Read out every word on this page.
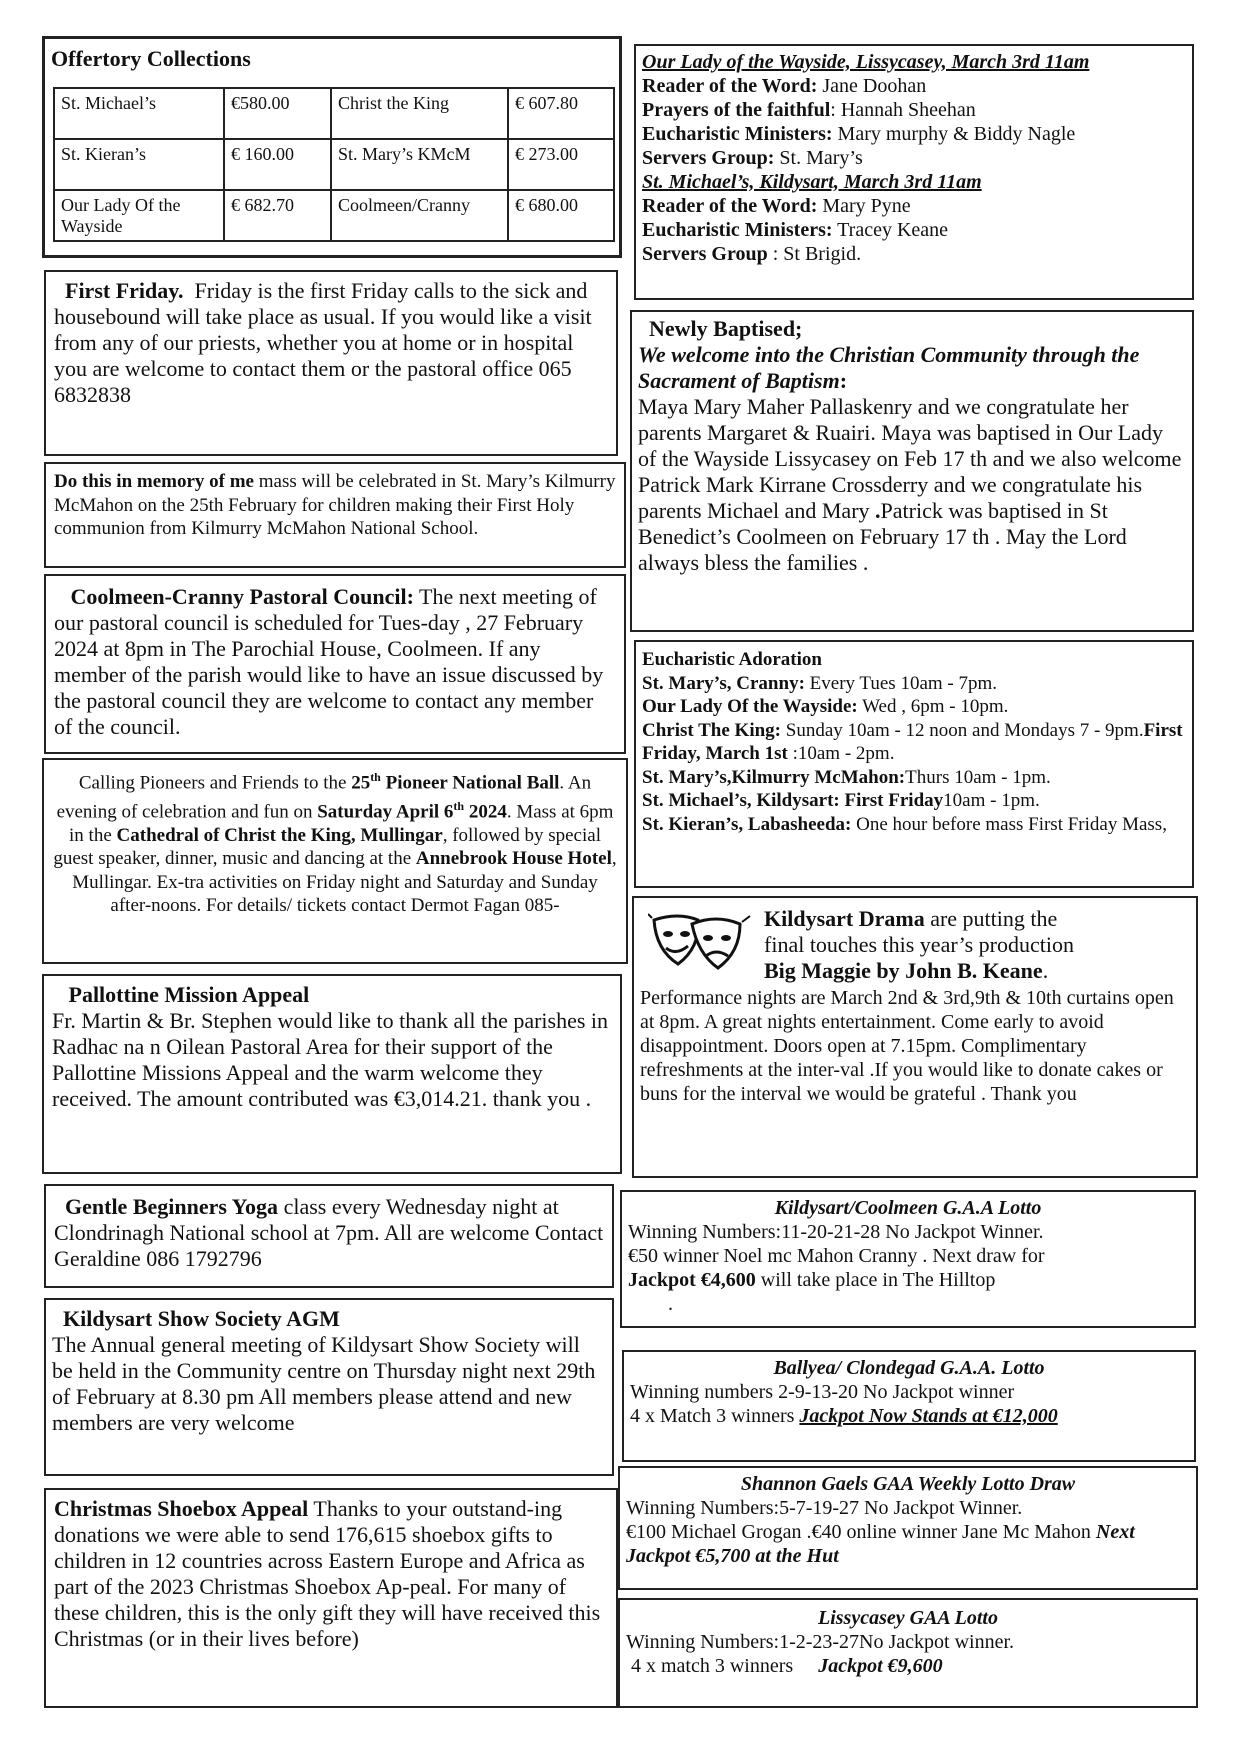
Offertory Collections

St. Michael’s	€580.00	Christ the King	€ 607.80
St. Kieran’s	€ 160.00	St. Mary’s KMcM	€ 273.00
Our Lady Of the Wayside	€ 682.70	Coolmeen/Cranny	€ 680.00

First Friday. Friday is the first Friday calls to the sick and housebound will take place as usual. If you would like a visit from any of our priests, whether you at home or in hospital you are welcome to contact them or the pastoral office 065 6832838

Do this in memory of me mass will be celebrated in St. Mary’s Kilmurry McMahon on the 25th February for children making their First Holy communion from Kilmurry McMahon National School.

Coolmeen-Cranny Pastoral Council: The next meeting of our pastoral council is scheduled for Tues-day , 27 February 2024 at 8pm in The Parochial House, Coolmeen. If any member of the parish would like to have an issue discussed by the pastoral council they are welcome to contact any member of the council.

Calling Pioneers and Friends to the 25th Pioneer National Ball. An evening of celebration and fun on Saturday April 6th 2024. Mass at 6pm in the Cathedral of Christ the King, Mullingar, followed by special guest speaker, dinner, music and dancing at the Annebrook House Hotel, Mullingar. Ex-tra activities on Friday night and Saturday and Sunday after-noons. For details/ tickets contact Dermot Fagan 085-

Pallottine Mission Appeal

Fr. Martin & Br. Stephen would like to thank all the parishes in Radhac na n Oilean Pastoral Area for their support of the Pallottine Missions Appeal and the warm welcome they received. The amount contributed was €3,014.21. thank you .

Gentle Beginners Yoga class every Wednesday night at Clondrinagh National school at 7pm. All are welcome Contact Geraldine 086 1792796

Kildysart Show Society AGM

The Annual general meeting of Kildysart Show Society will be held in the Community centre on Thursday night next 29th of February at 8.30 pm All members please attend and new members are very welcome

Christmas Shoebox Appeal Thanks to your outstand-ing donations we were able to send 176,615 shoebox gifts to children in 12 countries across Eastern Europe and Africa as part of the 2023 Christmas Shoebox Ap-peal. For many of these children, this is the only gift they will have received this Christmas (or in their lives before)

Our Lady of the Wayside, Lissycasey, March 3rd 11am

Reader of the Word: Jane Doohan

Prayers of the faithful: Hannah Sheehan

Eucharistic Ministers: Mary murphy & Biddy Nagle

Servers Group: St. Mary’s

St. Michael’s, Kildysart, March 3rd 11am

Reader of the Word: Mary Pyne

Eucharistic Ministers: Tracey Keane

Servers Group : St Brigid.

Newly Baptised;

We welcome into the Christian Community through the Sacrament of Baptism:

Maya Mary Maher Pallaskenry and we congratulate her parents Margaret & Ruairi. Maya was baptised in Our Lady of the Wayside Lissycasey on Feb 17 th and we also welcome Patrick Mark Kirrane Crossderry and we congratulate his parents Michael and Mary .Patrick was baptised in St Benedict’s Coolmeen on February 17 th . May the Lord always bless the families .

Eucharistic Adoration

St. Mary’s, Cranny: Every Tues 10am - 7pm.

Our Lady Of the Wayside: Wed , 6pm - 10pm.

Christ The King: Sunday 10am - 12 noon and Mondays 7 - 9pm.First Friday, March 1st :10am - 2pm.

St. Mary’s,Kilmurry McMahon:Thurs 10am - 1pm.

St. Michael’s, Kildysart: First Friday10am - 1pm.

St. Kieran’s, Labasheeda: One hour before mass First Friday Mass,

Kildysart Drama are putting the

final touches this year’s production

Big Maggie by John B. Keane.

Performance nights are March 2nd & 3rd,9th & 10th curtains open at 8pm. A great nights entertainment. Come early to avoid disappointment. Doors open at 7.15pm. Complimentary refreshments at the inter-val .If you would like to donate cakes or buns for the interval we would be grateful . Thank you

Kildysart/Coolmeen G.A.A Lotto

Winning Numbers:11-20-21-28 No Jackpot Winner.

€50 winner Noel mc Mahon Cranny . Next draw for

Jackpot €4,600 will take place in The Hilltop

.

Ballyea/ Clondegad G.A.A. Lotto

Winning numbers 2-9-13-20 No Jackpot winner

4 x Match 3 winners Jackpot Now Stands at €12,000

Shannon Gaels GAA Weekly Lotto Draw

Winning Numbers:5-7-19-27 No Jackpot Winner.

€100 Michael Grogan .€40 online winner Jane Mc Mahon Next Jackpot €5,700 at the Hut

Lissycasey GAA Lotto

Winning Numbers:1-2-23-27No Jackpot winner.

4 x match 3 winners     Jackpot €9,600
